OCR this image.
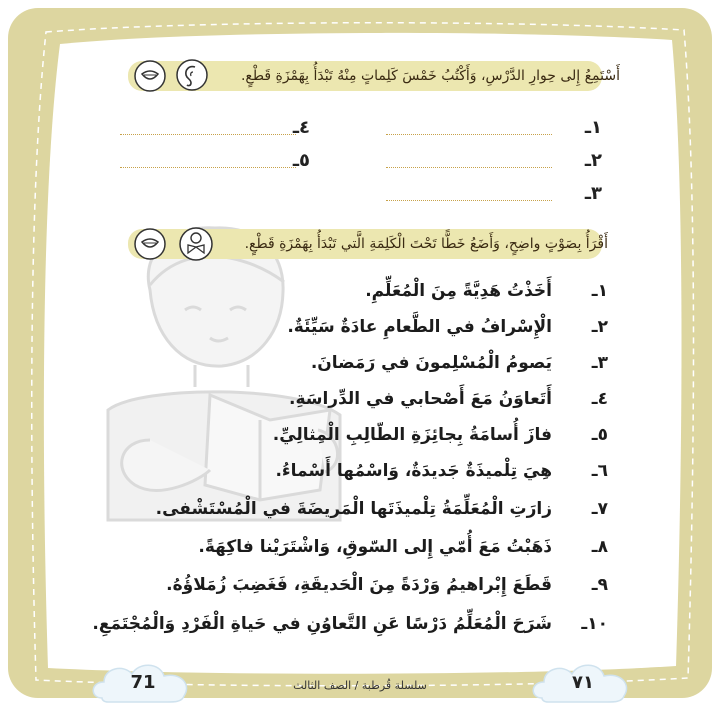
أَسْتَمِعُ إِلى حِوارِ الدَّرْسِ، وَأَكْتُبُ خَمْسَ كَلِماتٍ مِنْهُ تَبْدَأُ بِهَمْزَةِ قَطْعٍ.
١ـ
٤ـ
٢ـ
٥ـ
٣ـ
أَقْرَأُ بِصَوْتٍ واضِحٍ، وَأَضَعُ خَطًّا تَحْتَ الْكَلِمَةِ الَّتي تَبْدَأُ بِهَمْزَةِ قَطْعٍ.
١ـأَخَذْتُ هَدِيَّةً مِنَ الْمُعَلِّمِ.
٢ـالْإِسْرافُ في الطَّعامِ عادَةٌ سَيِّئَةٌ.
٣ـيَصومُ الْمُسْلِمونَ في رَمَضانَ.
٤ـأَتَعاوَنُ مَعَ أَصْحابي في الدِّراسَةِ.
٥ـفازَ أُسامَةُ بِجائِزَةِ الطّالِبِ الْمِثالِيِّ.
٦ـهِيَ تِلْميذَةٌ جَديدَةٌ، وَاسْمُها أَسْماءُ.
٧ـزارَتِ الْمُعَلِّمَةُ تِلْميذَتَها الْمَريضَةَ في الْمُسْتَشْفى.
٨ـذَهَبْتُ مَعَ أُمّي إِلى السّوقِ، وَاشْتَرَيْنا فاكِهَةً.
٩ـقَطَعَ إِبْراهيمُ وَرْدَةً مِنَ الْحَديقَةِ، فَغَضِبَ زُمَلاؤُهُ.
١٠ـشَرَحَ الْمُعَلِّمُ دَرْسًا عَنِ التَّعاوُنِ في حَياةِ الْفَرْدِ وَالْمُجْتَمَعِ.
71	٧١
سلسلة قُرطبة / الصف الثالث
